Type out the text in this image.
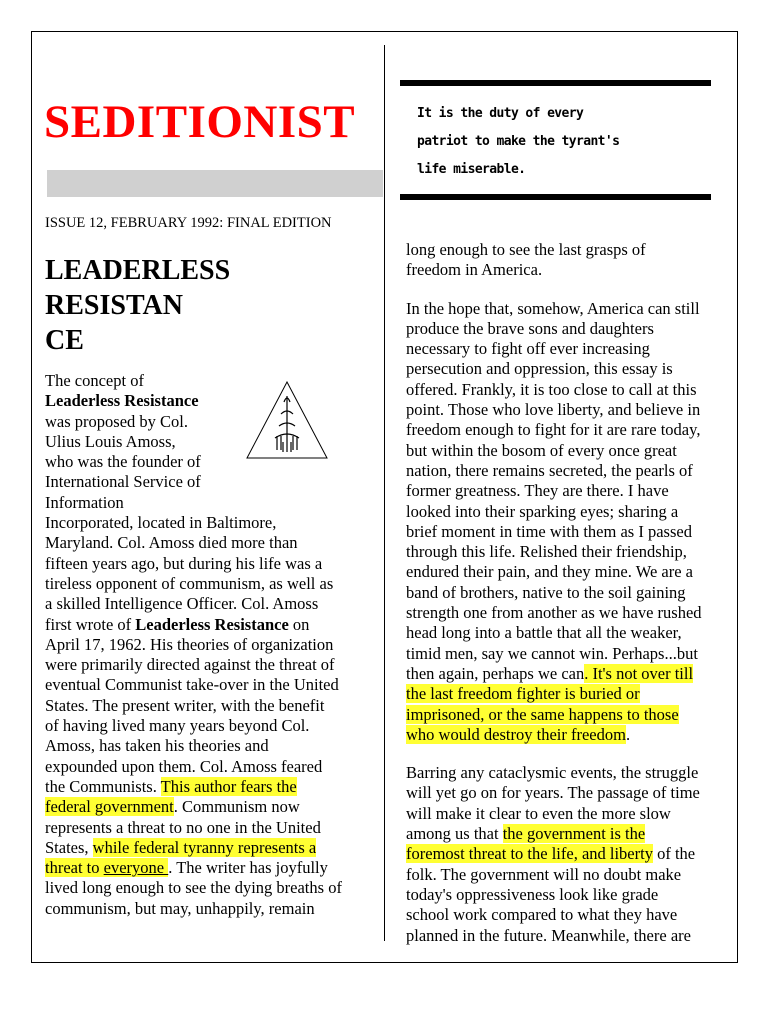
SEDITIONIST	It is the duty of every
patriot to make the tyrant's
life miserable.
ISSUE 12, FEBRUARY 1992: FINAL EDITION
LEADERLESS
RESISTAN
CE
The concept of
Leaderless Resistance
was proposed by Col.
Ulius Louis Amoss,
who was the founder of
International Service of
Information
Incorporated, located in Baltimore,
Maryland. Col. Amoss died more than
fifteen years ago, but during his life was a
tireless opponent of communism, as well as
a skilled Intelligence Officer. Col. Amoss
first wrote of Leaderless Resistance on
April 17, 1962. His theories of organization
were primarily directed against the threat of
eventual Communist take-over in the United
States. The present writer, with the benefit
of having lived many years beyond Col.
Amoss, has taken his theories and
expounded upon them. Col. Amoss feared
the Communists. This author fears the
federal government. Communism now
represents a threat to no one in the United
States, while federal tyranny represents a
threat to everyone . The writer has joyfully
lived long enough to see the dying breaths of
communism, but may, unhappily, remain
long enough to see the last grasps of
freedom in America.
In the hope that, somehow, America can still
produce the brave sons and daughters
necessary to fight off ever increasing
persecution and oppression, this essay is
offered. Frankly, it is too close to call at this
point. Those who love liberty, and believe in
freedom enough to fight for it are rare today,
but within the bosom of every once great
nation, there remains secreted, the pearls of
former greatness. They are there. I have
looked into their sparking eyes; sharing a
brief moment in time with them as I passed
through this life. Relished their friendship,
endured their pain, and they mine. We are a
band of brothers, native to the soil gaining
strength one from another as we have rushed
head long into a battle that all the weaker,
timid men, say we cannot win. Perhaps...but
then again, perhaps we can. It's not over till
the last freedom fighter is buried or
imprisoned, or the same happens to those
who would destroy their freedom.
Barring any cataclysmic events, the struggle
will yet go on for years. The passage of time
will make it clear to even the more slow
among us that the government is the
foremost threat to the life, and liberty of the
folk. The government will no doubt make
today's oppressiveness look like grade
school work compared to what they have
planned in the future. Meanwhile, there are
